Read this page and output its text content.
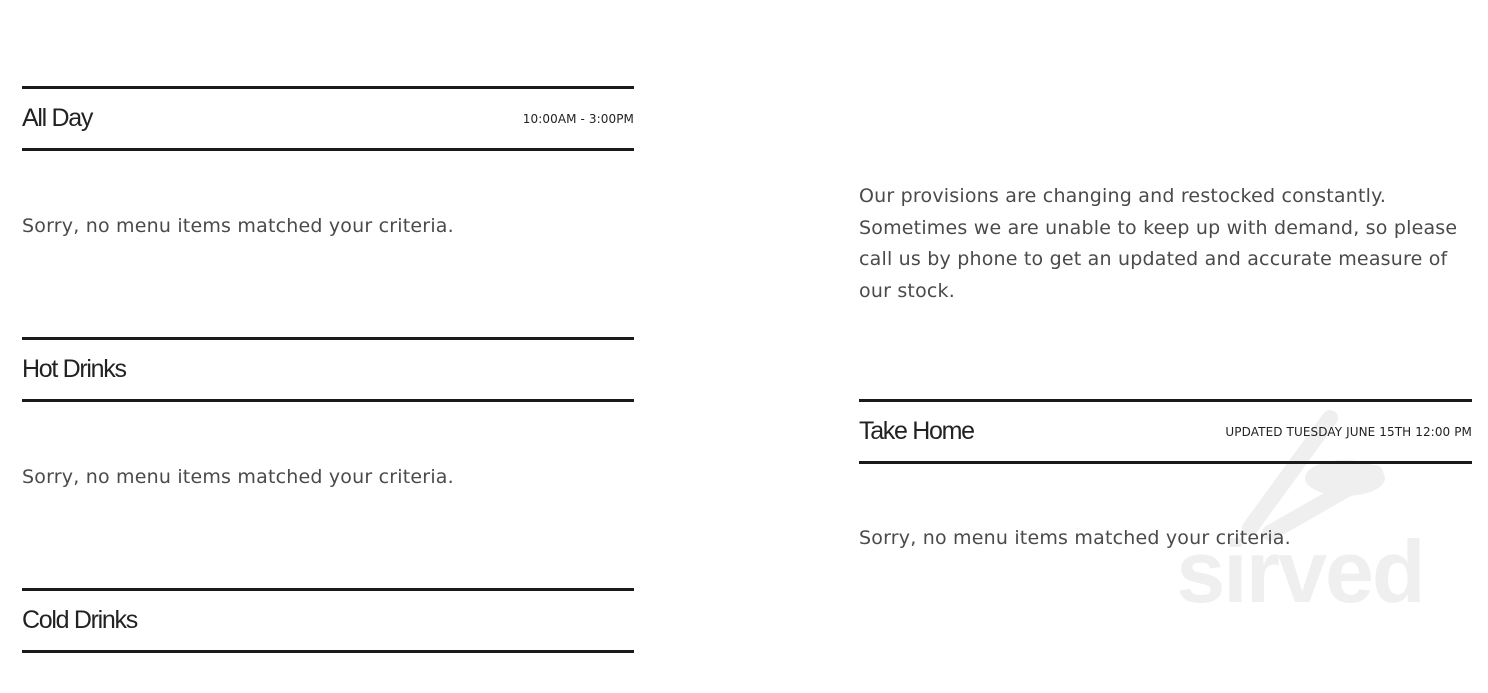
All Day	10:00AM - 3:00PM
Sorry, no menu items matched your criteria.
Hot Drinks
Sorry, no menu items matched your criteria.
Cold Drinks	sirved
Our provisions are changing and restocked constantly. Sometimes we are unable to keep up with demand, so please call us by phone to get an updated and accurate measure of our stock.
Take Home	UPDATED TUESDAY JUNE 15TH 12:00 PM
Sorry, no menu items matched your criteria.
